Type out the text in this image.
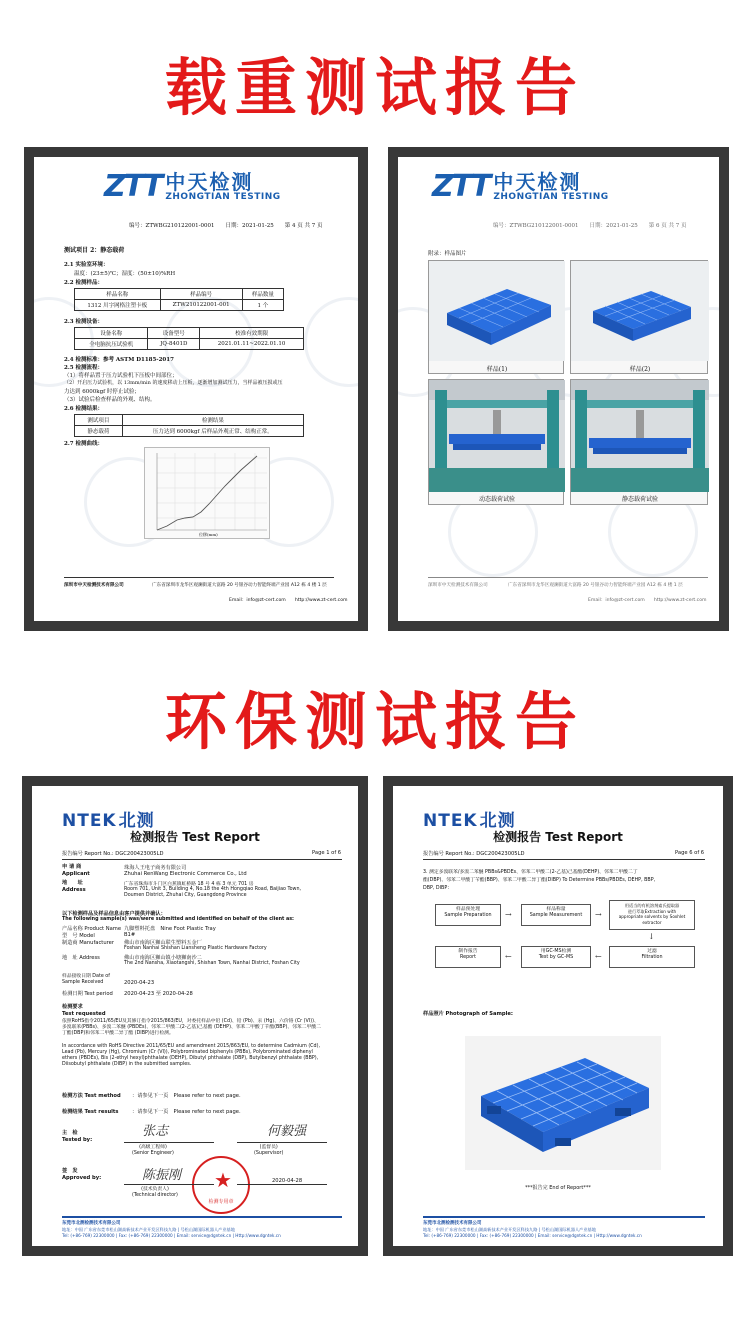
载重测试报告
ZTT 中天检测
ZHONGTIAN TESTING
编号：ZTWBG210122001-0001　　日期：2021-01-25　　第 4 页 共 7 页
测试项目 2：静态载荷
2.1 实验室环境：
温度：(23±5)℃；湿度：(50±10)%RH
2.2 检测样品：
样品名称	样品编号	样品数量
1312 川字网格注塑卡板	ZTW210122001-001	1 个
2.3 检测设备：
设备名称	设备型号	校准有效期限
全电脑抗压试验机	JQ-8401D	2021.01.11~2022.01.10
2.4 检测标准：参考 ASTM D1185-2017
2.5 检测流程：
（1）将样品置于压力试验机下压板中间部位；
（2）开启压力试验机，以 13mm/min 的速度移动上压板，逐渐增加测试压力，当样品被压损或压
力达到 6000kgf 时停止试验；
（3）试验后检查样品的外观、结构。
2.6 检测结果：
测试项目	检测结果
静态载荷	压力达到 6000kgf 后样品外观正常、结构正常。
2.7 检测曲线：
位移(mm)
深圳市中天检测技术有限公司	广东省深圳市龙华区观澜街道大富路 20 号银谷动力智能终端产业园 A12 栋 4 楼 1 层
Email：info@zt-cert.com　　http://www.zt-cert.com
ZTT 中天检测
ZHONGTIAN TESTING
编号：ZTWBG210122001-0001　　日期：2021-01-25　　第 6 页 共 7 页
附录：样品图片
样品(1)	样品(2)
动态载荷试验	静态载荷试验
深圳市中天检测技术有限公司	广东省深圳市龙华区观澜街道大富路 20 号银谷动力智能终端产业园 A12 栋 4 楼 1 层
Email：info@zt-cert.com　　http://www.zt-cert.com
环保测试报告
NTEK 北测
检测报告 Test Report
报告编号 Report No.: DGC200423005LD	Page 1 of 6
申 请 商
Applicant
珠海人王电子商务有限公司
Zhuhai RenWang Electronic Commerce Co., Ltd
地　　址
Address
广东省珠海市斗门区白蕉镇虹桥路 18 号 4 栋 3 单元 701 房
Room 701, Unit 3, Building 4, No.18 the 4th Hongqiao Road, Baijiao Town, Doumen District, Zhuhai City, Guangdong Province
以下检测样品及样品信息由客户提供并确认：
The following sample(s) was/were submitted and identified on behalf of the client as:
产品名称 Product Name 九脚塑料托盘　Nine Foot Plastic Tray
型　号 Model	B1#
制造商 Manufacturer 佛山市南海区狮山联生塑料五金厂
Foshan Nanhai Shishan Liansheng Plastic Hardware Factory
地　址 Address	佛山市南海区狮山镇小塘狮南沙二
The 2nd Nansha, Xiaotangshi, Shishan Town, Nanhai District, Foshan City
样品接收日期 Date of Sample Received	2020-04-23
检测日期 Test period 2020-04-23 至 2020-04-28
检测要求
Test requested
依照RoHS指令2011/65/EU及其修订指令2015/863/EU，对委托样品中铅 (Cd)、铅 (Pb)、汞 (Hg)、六价铬 (Cr (VI))、多溴联苯(PBBs)、多溴二苯醚 (PBDEs)、邻苯二甲酸二(2-乙基)己基酯 (DEHP)、邻苯二甲酸丁苄酯(BBP)、邻苯二甲酸二丁酯(DBP)和邻苯二甲酸二异丁酯 (DIBP)进行检测。
In accordance with RoHS Directive 2011/65/EU and amendment 2015/863/EU, to determine Cadmium (Cd), Lead (Pb), Mercury (Hg), Chromium (Cr (VI)), Polybrominated biphenyls (PBBs), Polybrominated diphenyl ethers (PBDEs), Bis (2-ethyl hexyl)phthalate (DEHP), Dibutyl phthalate (DBP), Butylbenzyl phthalate (BBP), Diisobutyl phthalate (DIBP) in the submitted samples.
检测方法 Test method ：请参见下一页　Please refer to next page.
检测结果 Test results	：请参见下一页　Please refer to next page.
主　检
Tested by:
张志	何毅强
(高级工程师)
(Senior Engineer)
(监督员)
(Supervisor)
签　发
Approved by:	陈振刚 ★
检测专用章
2020-04-28
(技术负责人)
(Technical director)
东莞市北测检测技术有限公司
地址：中国 广东省东莞市松山湖高新技术产业开发区科技九路 | 号松山湖国际机器人产业基地
Tel: (+86-769) 22300000 | Fax: (+86-769) 22300000 | Email: service@dgntek.cn | Http://www.dgntek.cn
NTEK 北测
检测报告 Test Report
报告编号 Report No.: DGC200423005LD	Page 6 of 6
3. 测定多溴联苯/多溴二苯醚 PBBs&PBDEs、邻苯二甲酸二(2-乙基)己基酯(DEHP)、邻苯二甲酸二丁
酯(DBP)、邻苯二甲酸丁苄酯(BBP)、邻苯二甲酸二异丁酯(DIBP) To Determine PBBs/PBDEs, DEHP, BBP,
DBP, DIBP：
样品预处理
Sample Preparation	→
样品称量
Sample Measurement	→
用适当的有机溶剂索氏提取器
进行萃取Extraction with
appropriate solvents by Soxhlet
extractor
↓
制作报告
Report	←
用GC-MS检测
Test by GC-MS	←
过滤
Filtration
样品照片 Photograph of Sample:
***报告完 End of Report***
东莞市北测检测技术有限公司
地址：中国 广东省东莞市松山湖高新技术产业开发区科技九路 | 号松山湖国际机器人产业基地
Tel: (+86-769) 22300000 | Fax: (+86-769) 22300000 | Email: service@dgntek.cn | Http://www.dgntek.cn
